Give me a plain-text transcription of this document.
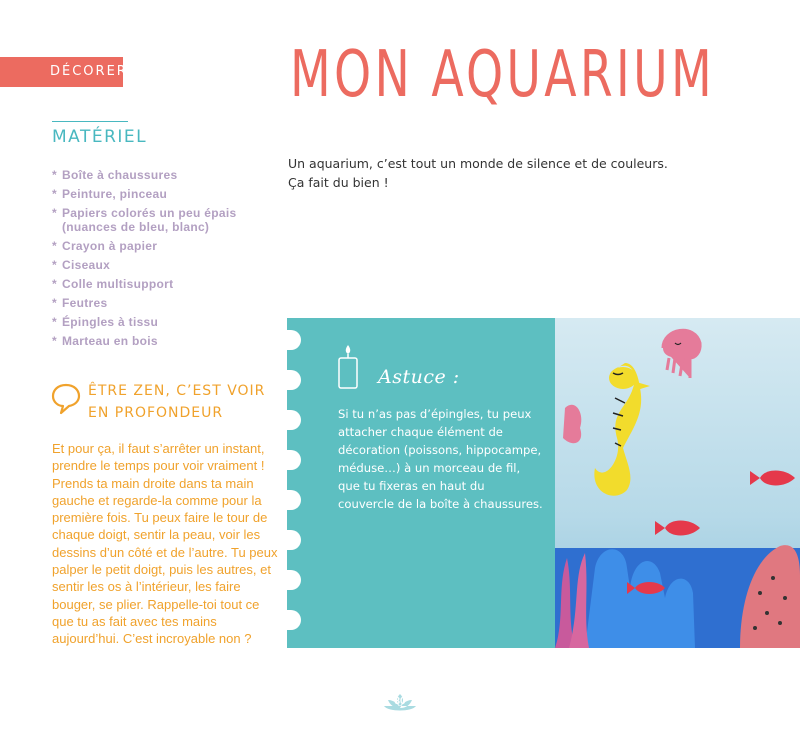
DÉCORER	MON AQUARIUM
Un aquarium, c’est tout un monde de silence et de couleurs.
Ça fait du bien !
MATÉRIEL
* Boîte à chaussures
* Peinture, pinceau
* Papiers colorés un peu épais (nuances de bleu, blanc)
* Crayon à papier
* Ciseaux
* Colle multisupport
* Feutres
* Épingles à tissu
* Marteau en bois
ÊTRE ZEN, C’EST VOIR EN PROFONDEUR
Et pour ça, il faut s’arrêter un instant, prendre le temps pour voir vraiment ! Prends ta main droite dans ta main gauche et regarde-la comme pour la première fois. Tu peux faire le tour de chaque doigt, sentir la peau, voir les dessins d’un côté et de l’autre. Tu peux palper le petit doigt, puis les autres, et sentir les os à l’intérieur, les faire bouger, se plier. Rappelle-toi tout ce que tu as fait avec tes mains aujourd’hui. C’est incroyable non ?
Astuce :
Si tu n’as pas d’épingles, tu peux attacher chaque élément de décoration (poissons, hippocampe, méduse…) à un morceau de fil, que tu fixeras en haut du couvercle de la boîte à chaussures.
30
